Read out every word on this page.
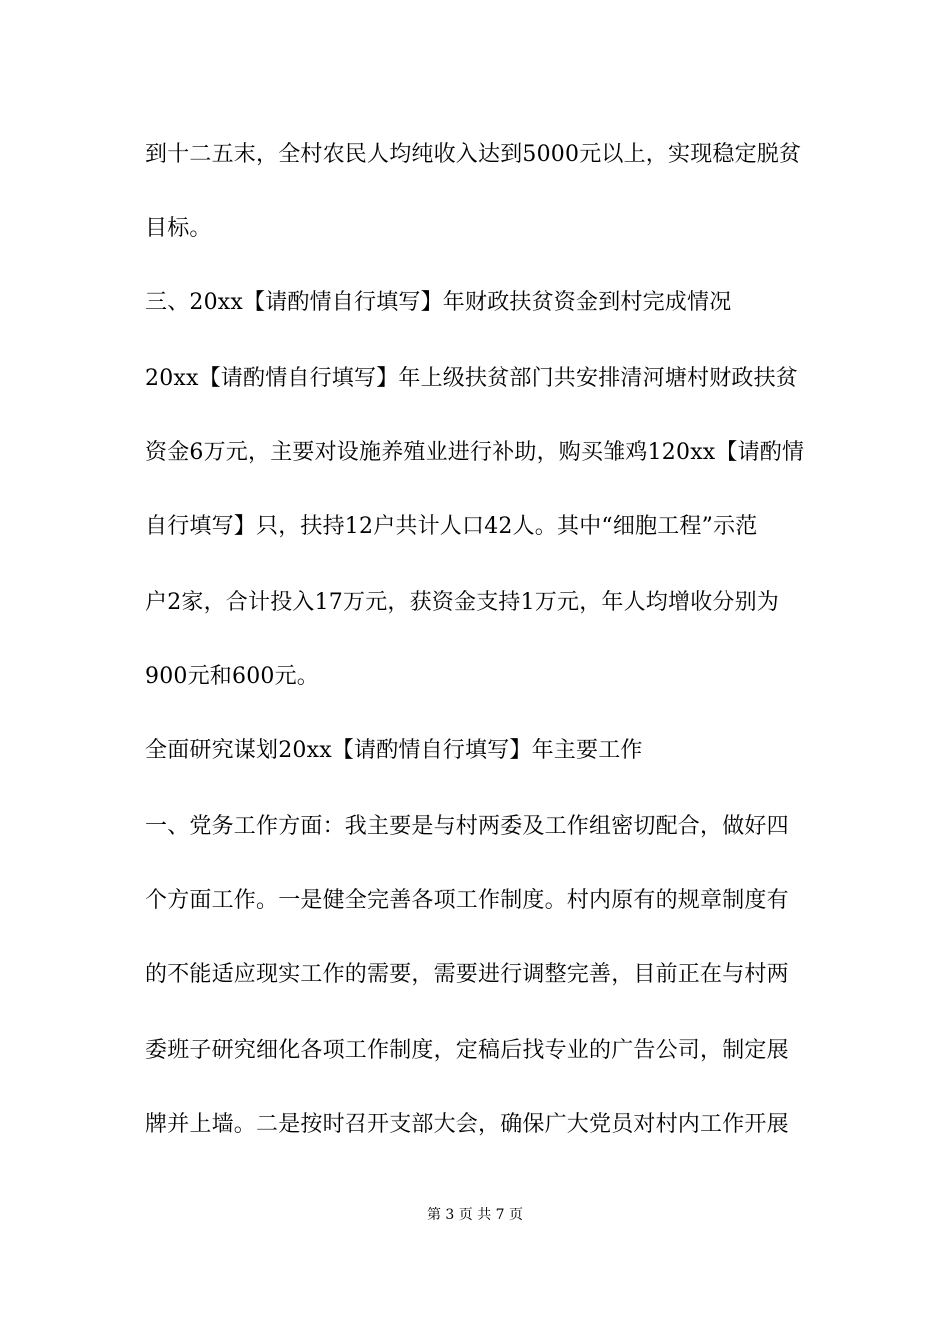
到十二五末，全村农民人均纯收入达到5000元以上，实现稳定脱贫
目标。
三、20xx【请酌情自行填写】年财政扶贫资金到村完成情况
20xx【请酌情自行填写】年上级扶贫部门共安排清河塘村财政扶贫
资金6万元，主要对设施养殖业进行补助，购买雏鸡120xx【请酌情
自行填写】只，扶持12户共计人口42人。其中“细胞工程”示范
户2家，合计投入17万元，获资金支持1万元，年人均增收分别为
900元和600元。
全面研究谋划20xx【请酌情自行填写】年主要工作
一、党务工作方面：我主要是与村两委及工作组密切配合，做好四
个方面工作。一是健全完善各项工作制度。村内原有的规章制度有
的不能适应现实工作的需要，需要进行调整完善，目前正在与村两
委班子研究细化各项工作制度，定稿后找专业的广告公司，制定展
牌并上墙。二是按时召开支部大会，确保广大党员对村内工作开展
第 3 页 共 7 页
